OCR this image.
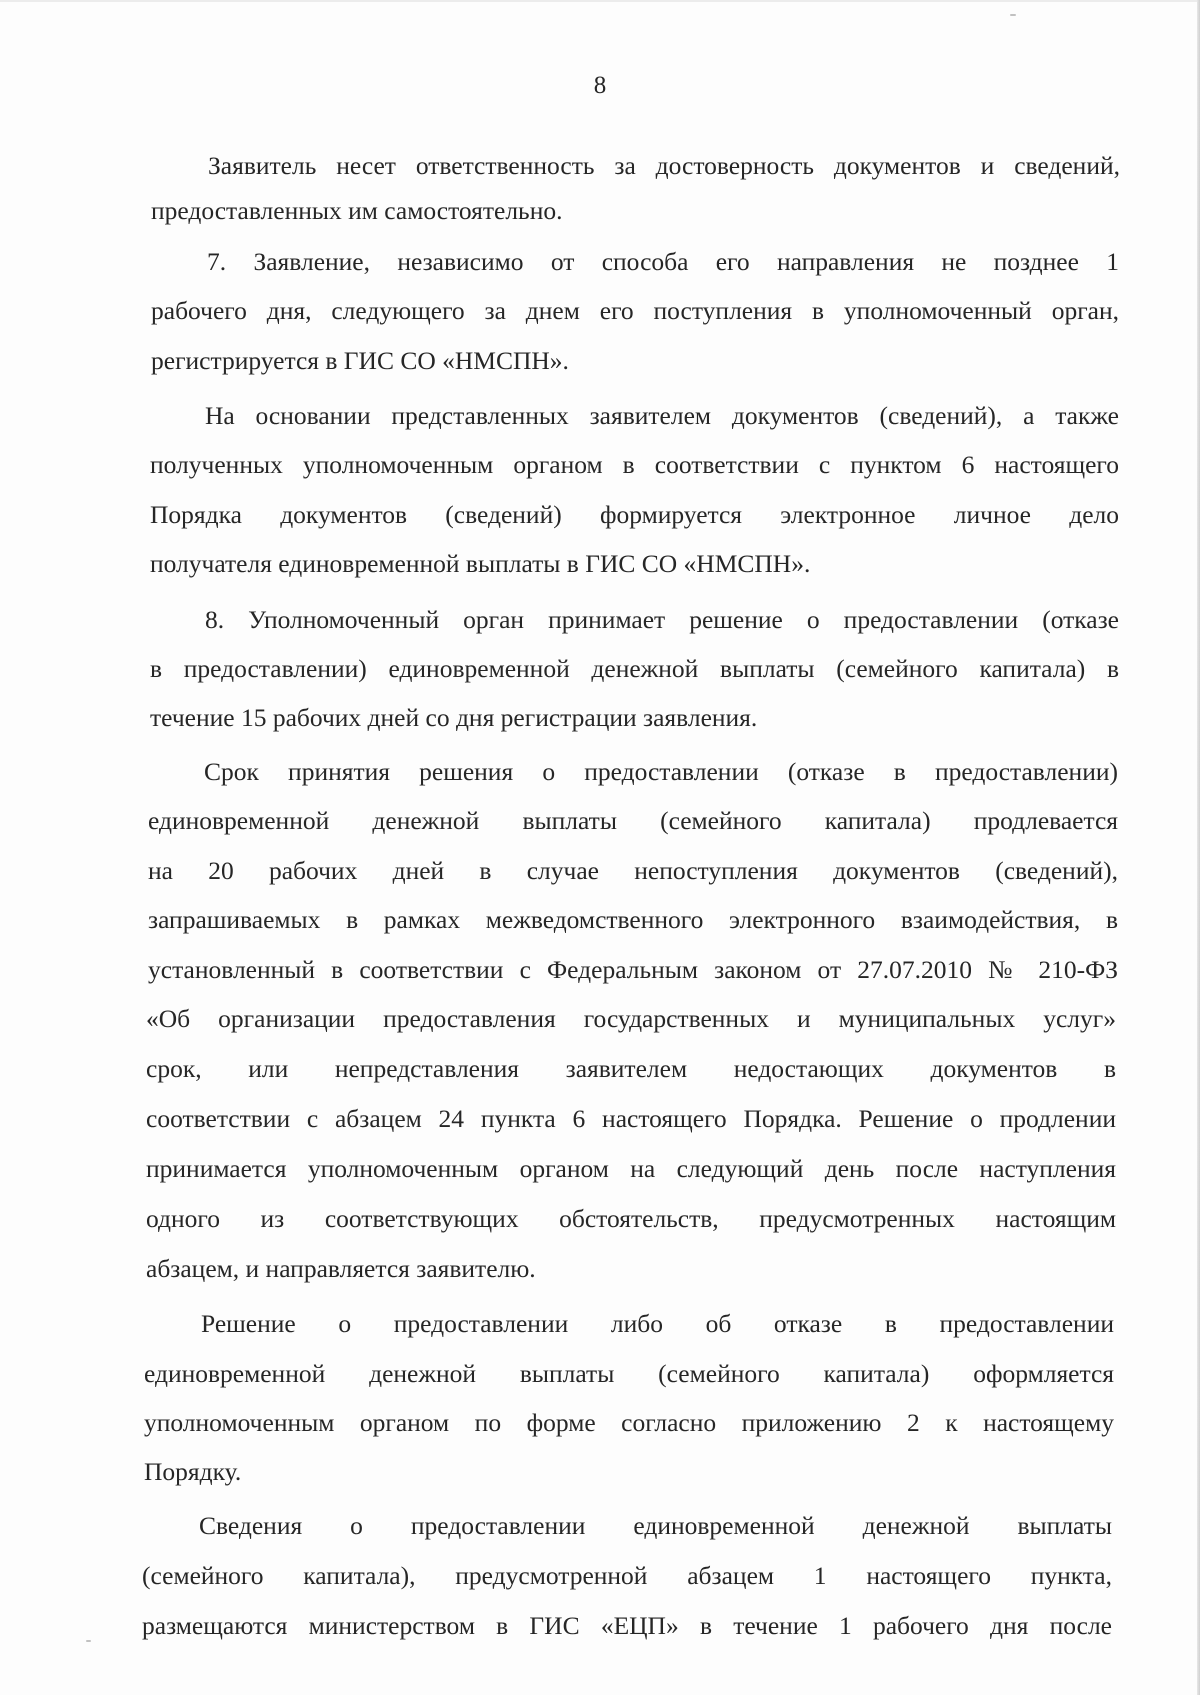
8
Заявитель несет ответственность за достоверность документов и сведений,
предоставленных им самостоятельно.
7. Заявление, независимо от способа его направления не позднее 1
рабочего дня, следующего за днем его поступления в уполномоченный орган,
регистрируется в ГИС СО «НМСПН».
На основании представленных заявителем документов (сведений), а также
полученных уполномоченным органом в соответствии с пунктом 6 настоящего
Порядка документов (сведений) формируется электронное личное дело
получателя единовременной выплаты в ГИС СО «НМСПН».
8. Уполномоченный орган принимает решение о предоставлении (отказе
в предоставлении) единовременной денежной выплаты (семейного капитала) в
течение 15 рабочих дней со дня регистрации заявления.
Срок принятия решения о предоставлении (отказе в предоставлении)
единовременной денежной выплаты (семейного капитала) продлевается
на 20 рабочих дней в случае непоступления документов (сведений),
запрашиваемых в рамках межведомственного электронного взаимодействия, в
установленный в соответствии с Федеральным законом от 27.07.2010 № 210-ФЗ
«Об организации предоставления государственных и муниципальных услуг»
срок, или непредставления заявителем недостающих документов в
соответствии с абзацем 24 пункта 6 настоящего Порядка. Решение о продлении
принимается уполномоченным органом на следующий день после наступления
одного из соответствующих обстоятельств, предусмотренных настоящим
абзацем, и направляется заявителю.
Решение о предоставлении либо об отказе в предоставлении
единовременной денежной выплаты (семейного капитала) оформляется
уполномоченным органом по форме согласно приложению 2 к настоящему
Порядку.
Сведения о предоставлении единовременной денежной выплаты
(семейного капитала), предусмотренной абзацем 1 настоящего пункта,
размещаются министерством в ГИС «ЕЦП» в течение 1 рабочего дня после
